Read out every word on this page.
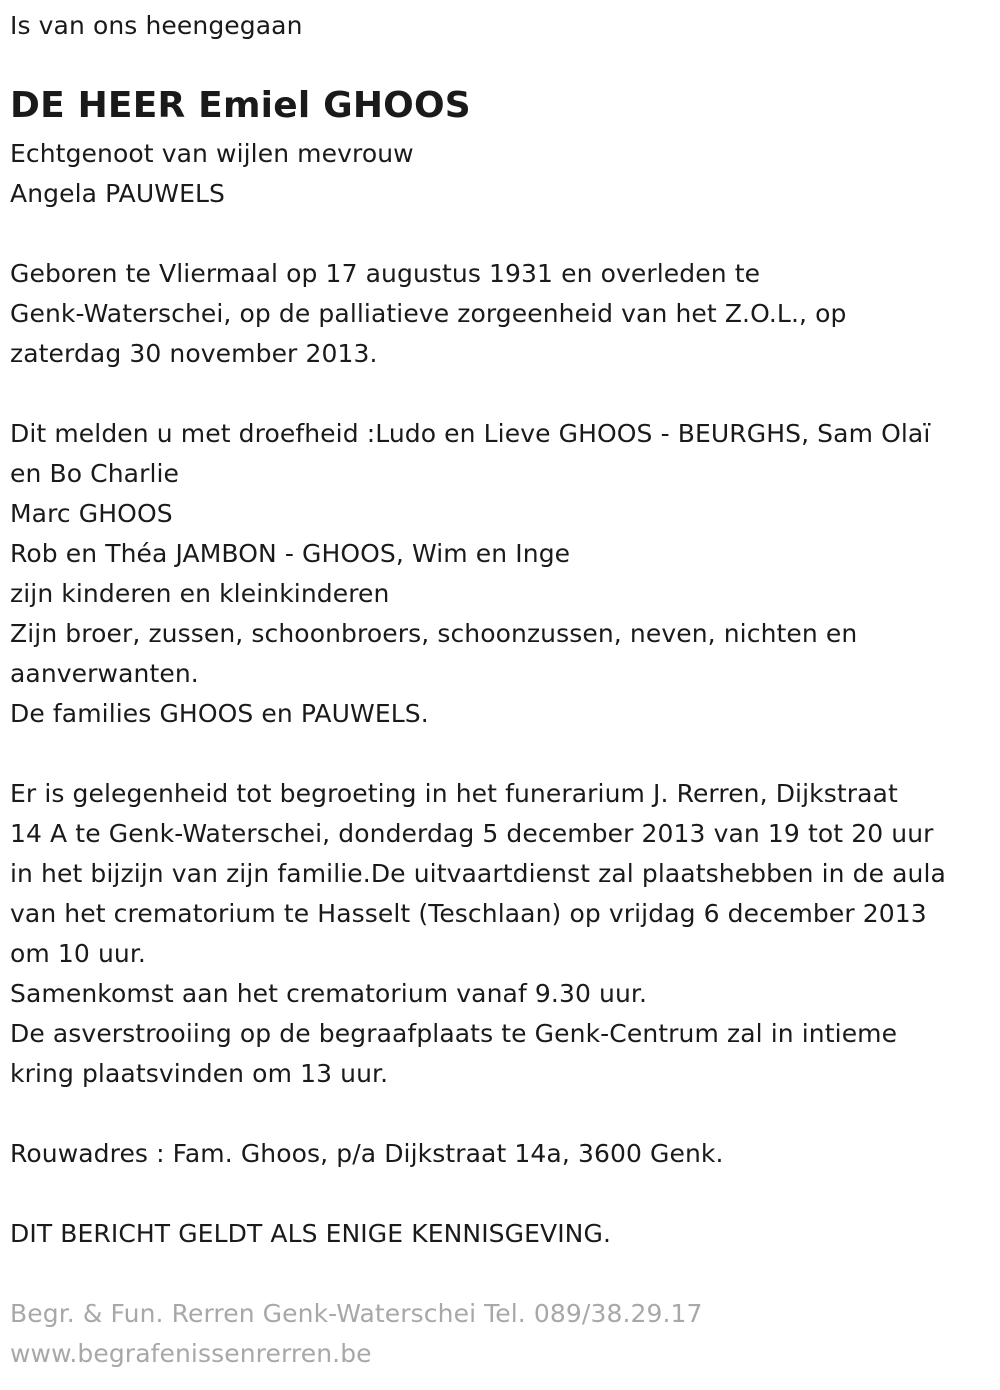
Is van ons heengegaan
DE HEER Emiel GHOOS
Echtgenoot van wijlen mevrouw
Angela PAUWELS
Geboren te Vliermaal op 17 augustus 1931 en overleden te
Genk-Waterschei, op de palliatieve zorgeenheid van het Z.O.L., op
zaterdag 30 november 2013.
Dit melden u met droefheid :Ludo en Lieve GHOOS - BEURGHS, Sam Olaï
en Bo Charlie
Marc GHOOS
Rob en Théa JAMBON - GHOOS, Wim en Inge
zijn kinderen en kleinkinderen
Zijn broer, zussen, schoonbroers, schoonzussen, neven, nichten en
aanverwanten.
De families GHOOS en PAUWELS.
Er is gelegenheid tot begroeting in het funerarium J. Rerren, Dijkstraat
14 A te Genk-Waterschei, donderdag 5 december 2013 van 19 tot 20 uur
in het bijzijn van zijn familie.De uitvaartdienst zal plaatshebben in de aula
van het crematorium te Hasselt (Teschlaan) op vrijdag 6 december 2013
om 10 uur.
Samenkomst aan het crematorium vanaf 9.30 uur.
De asverstrooiing op de begraafplaats te Genk-Centrum zal in intieme
kring plaatsvinden om 13 uur.
Rouwadres : Fam. Ghoos, p/a Dijkstraat 14a, 3600 Genk.
DIT BERICHT GELDT ALS ENIGE KENNISGEVING.
Begr. & Fun. Rerren Genk-Waterschei Tel. 089/38.29.17
www.begrafenissenrerren.be
